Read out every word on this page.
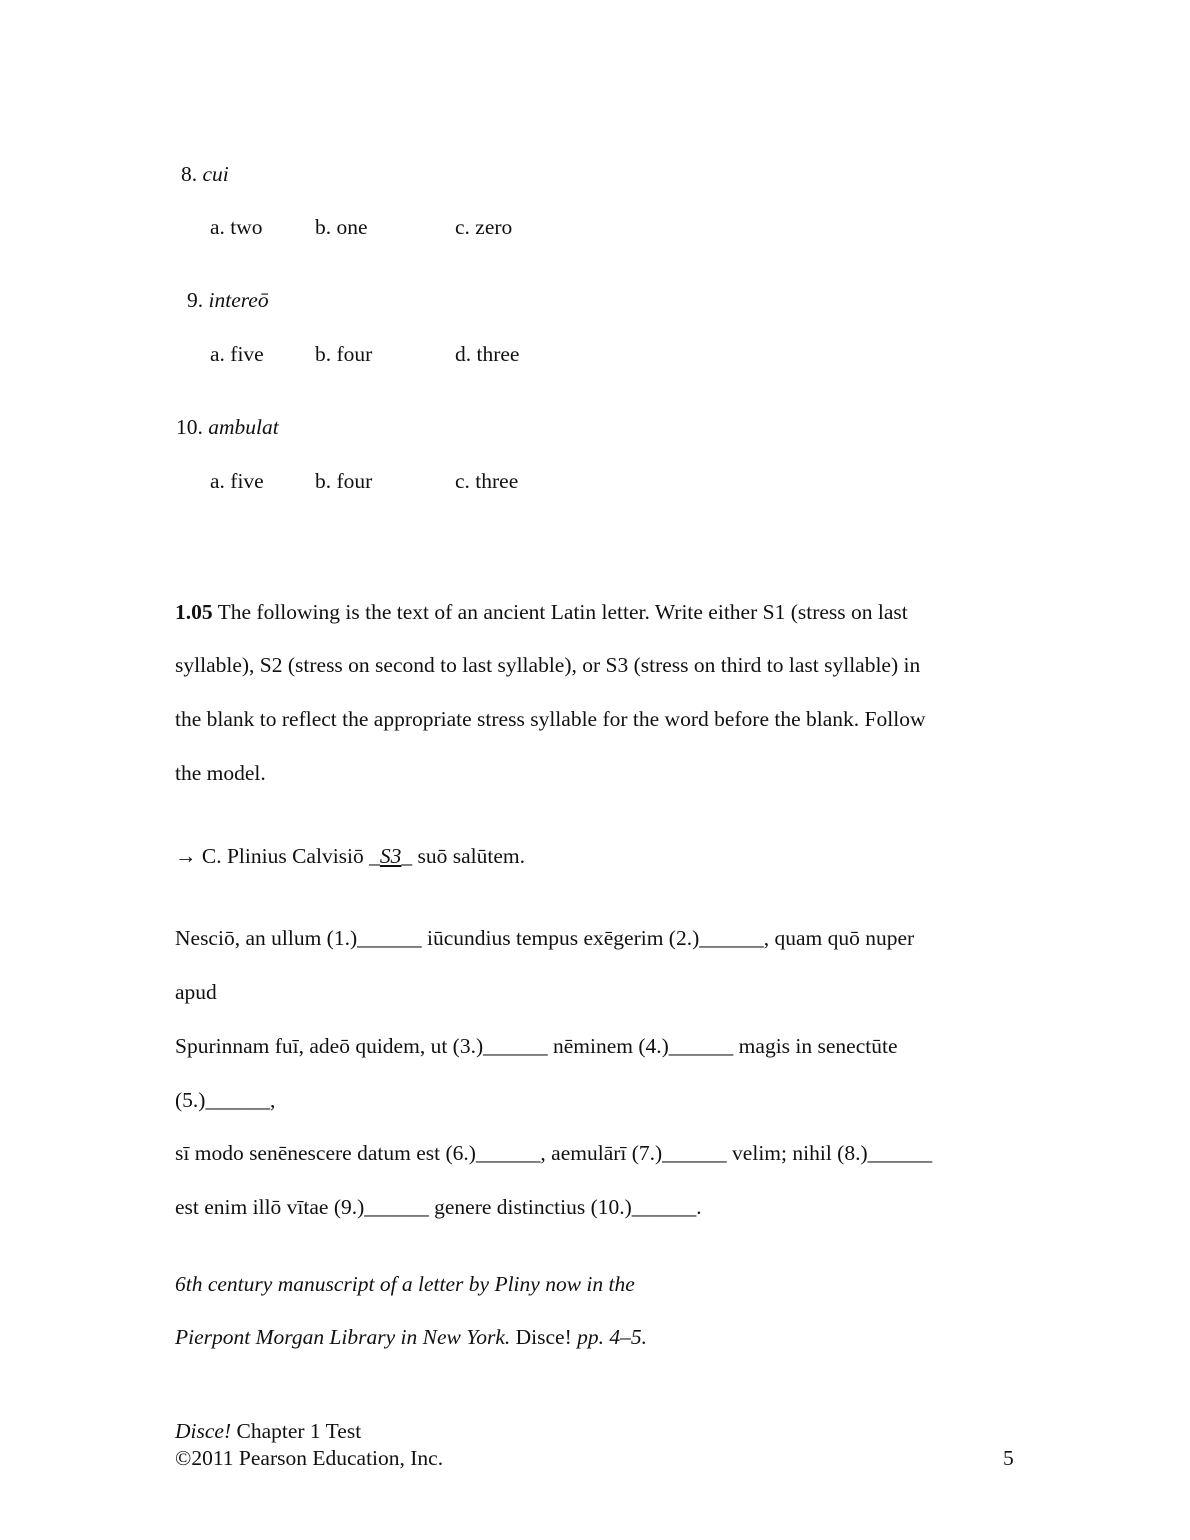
8. cui
a. two b. one	c. zero
9. intereō
a. five b. four	d. three
10. ambulat
a. five b. four	c. three
1.05 The following is the text of an ancient Latin letter. Write either S1 (stress on last
syllable), S2 (stress on second to last syllable), or S3 (stress on third to last syllable) in
the blank to reflect the appropriate stress syllable for the word before the blank. Follow
the model.
→ C. Plinius Calvisiō _S3_ suō salūtem.
Nesciō, an ullum (1.)______ iūcundius tempus exēgerim (2.)______, quam quō nuper
apud
Spurinnam fuī, adeō quidem, ut (3.)______ nēminem (4.)______ magis in senectūte
(5.)______,
sī modo senēnescere datum est (6.)______, aemulārī (7.)______ velim; nihil (8.)______
est enim illō vītae (9.)______ genere distinctius (10.)______.
6th century manuscript of a letter by Pliny now in the
Pierpont Morgan Library in New York. Disce! pp. 4–5.
Disce! Chapter 1 Test
©2011 Pearson Education, Inc.	5
